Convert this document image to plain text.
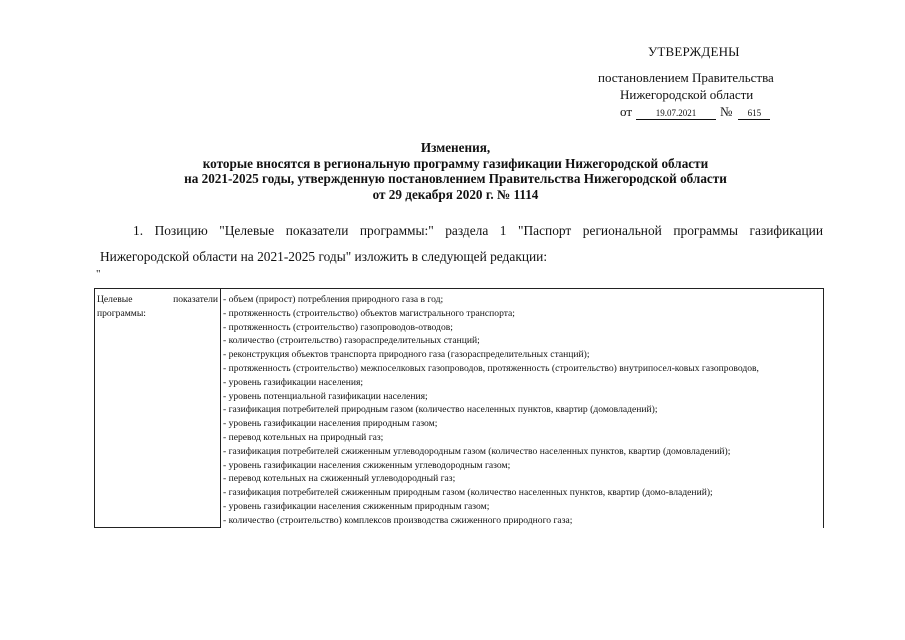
УТВЕРЖДЕНЫ
постановлением Правительства
Нижегородской области
от	19.07.2021 № 615
Изменения,
которые вносятся в региональную программу газификации Нижегородской области
на 2021-2025 годы, утвержденную постановлением Правительства Нижегородской области
от 29 декабря 2020 г. № 1114
1. Позицию "Целевые показатели программы:" раздела 1 "Паспорт региональной программы газификации
Нижегородской области на 2021-2025 годы" изложить в следующей редакции:
"
Целевые	показатели
программы:

- объем (прирост) потребления природного газа в год;
- протяженность (строительство) объектов магистрального транспорта;
- протяженность (строительство) газопроводов-отводов;
- количество (строительство) газораспределительных станций;
- реконструкция объектов транспорта природного газа (газораспределительных станций);
- протяженность (строительство) межпоселковых газопроводов, протяженность (строительство) внутрипосел-ковых газопроводов,
- уровень газификации населения;
- уровень потенциальной газификации населения;
- газификация потребителей природным газом (количество населенных пунктов, квартир (домовладений);
- уровень газификации населения природным газом;
- перевод котельных на природный газ;
- газификация потребителей сжиженным углеводородным газом (количество населенных пунктов, квартир (домовладений);
- уровень газификации населения сжиженным углеводородным газом;
- перевод котельных на сжиженный углеводородный газ;
- газификация потребителей сжиженным природным газом (количество населенных пунктов, квартир (домо-владений);
- уровень газификации населения сжиженным природным газом;
- количество (строительство) комплексов производства сжиженного природного газа;
